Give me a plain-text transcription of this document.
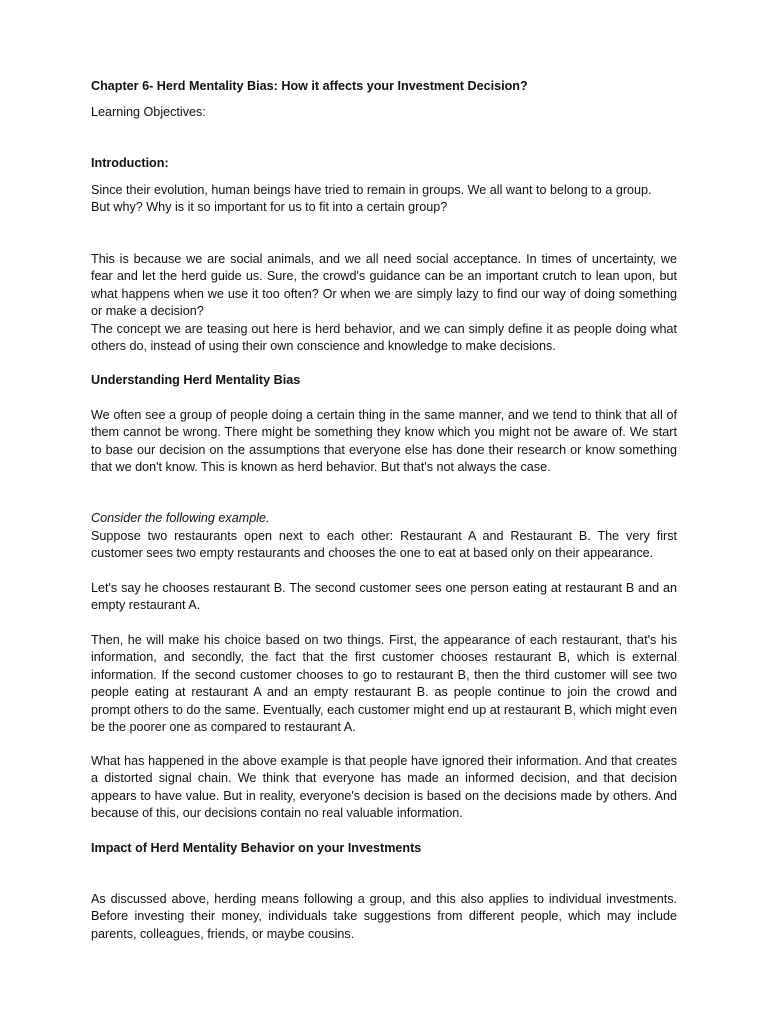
Chapter 6- Herd Mentality Bias: How it affects your Investment Decision?

Learning Objectives:

Introduction:

Since their evolution, human beings have tried to remain in groups. We all want to belong to a group.
But why? Why is it so important for us to fit into a certain group?
This is because we are social animals, and we all need social acceptance. In times of uncertainty, we fear and let the herd guide us. Sure, the crowd's guidance can be an important crutch to lean upon, but what happens when we use it too often? Or when we are simply lazy to find our way of doing something or make a decision?
The concept we are teasing out here is herd behavior, and we can simply define it as people doing what others do, instead of using their own conscience and knowledge to make decisions.

Understanding Herd Mentality Bias

We often see a group of people doing a certain thing in the same manner, and we tend to think that all of them cannot be wrong. There might be something they know which you might not be aware of. We start to base our decision on the assumptions that everyone else has done their research or know something that we don't know. This is known as herd behavior. But that's not always the case.

Consider the following example.

Suppose two restaurants open next to each other: Restaurant A and Restaurant B. The very first customer sees two empty restaurants and chooses the one to eat at based only on their appearance.

Let's say he chooses restaurant B. The second customer sees one person eating at restaurant B and an empty restaurant A.

Then, he will make his choice based on two things. First, the appearance of each restaurant, that's his information, and secondly, the fact that the first customer chooses restaurant B, which is external information. If the second customer chooses to go to restaurant B, then the third customer will see two people eating at restaurant A and an empty restaurant B. as people continue to join the crowd and prompt others to do the same. Eventually, each customer might end up at restaurant B, which might even be the poorer one as compared to restaurant A.

What has happened in the above example is that people have ignored their information. And that creates a distorted signal chain. We think that everyone has made an informed decision, and that decision appears to have value. But in reality, everyone's decision is based on the decisions made by others. And because of this, our decisions contain no real valuable information.

Impact of Herd Mentality Behavior on your Investments

As discussed above, herding means following a group, and this also applies to individual investments. Before investing their money, individuals take suggestions from different people, which may include parents, colleagues, friends, or maybe cousins.
